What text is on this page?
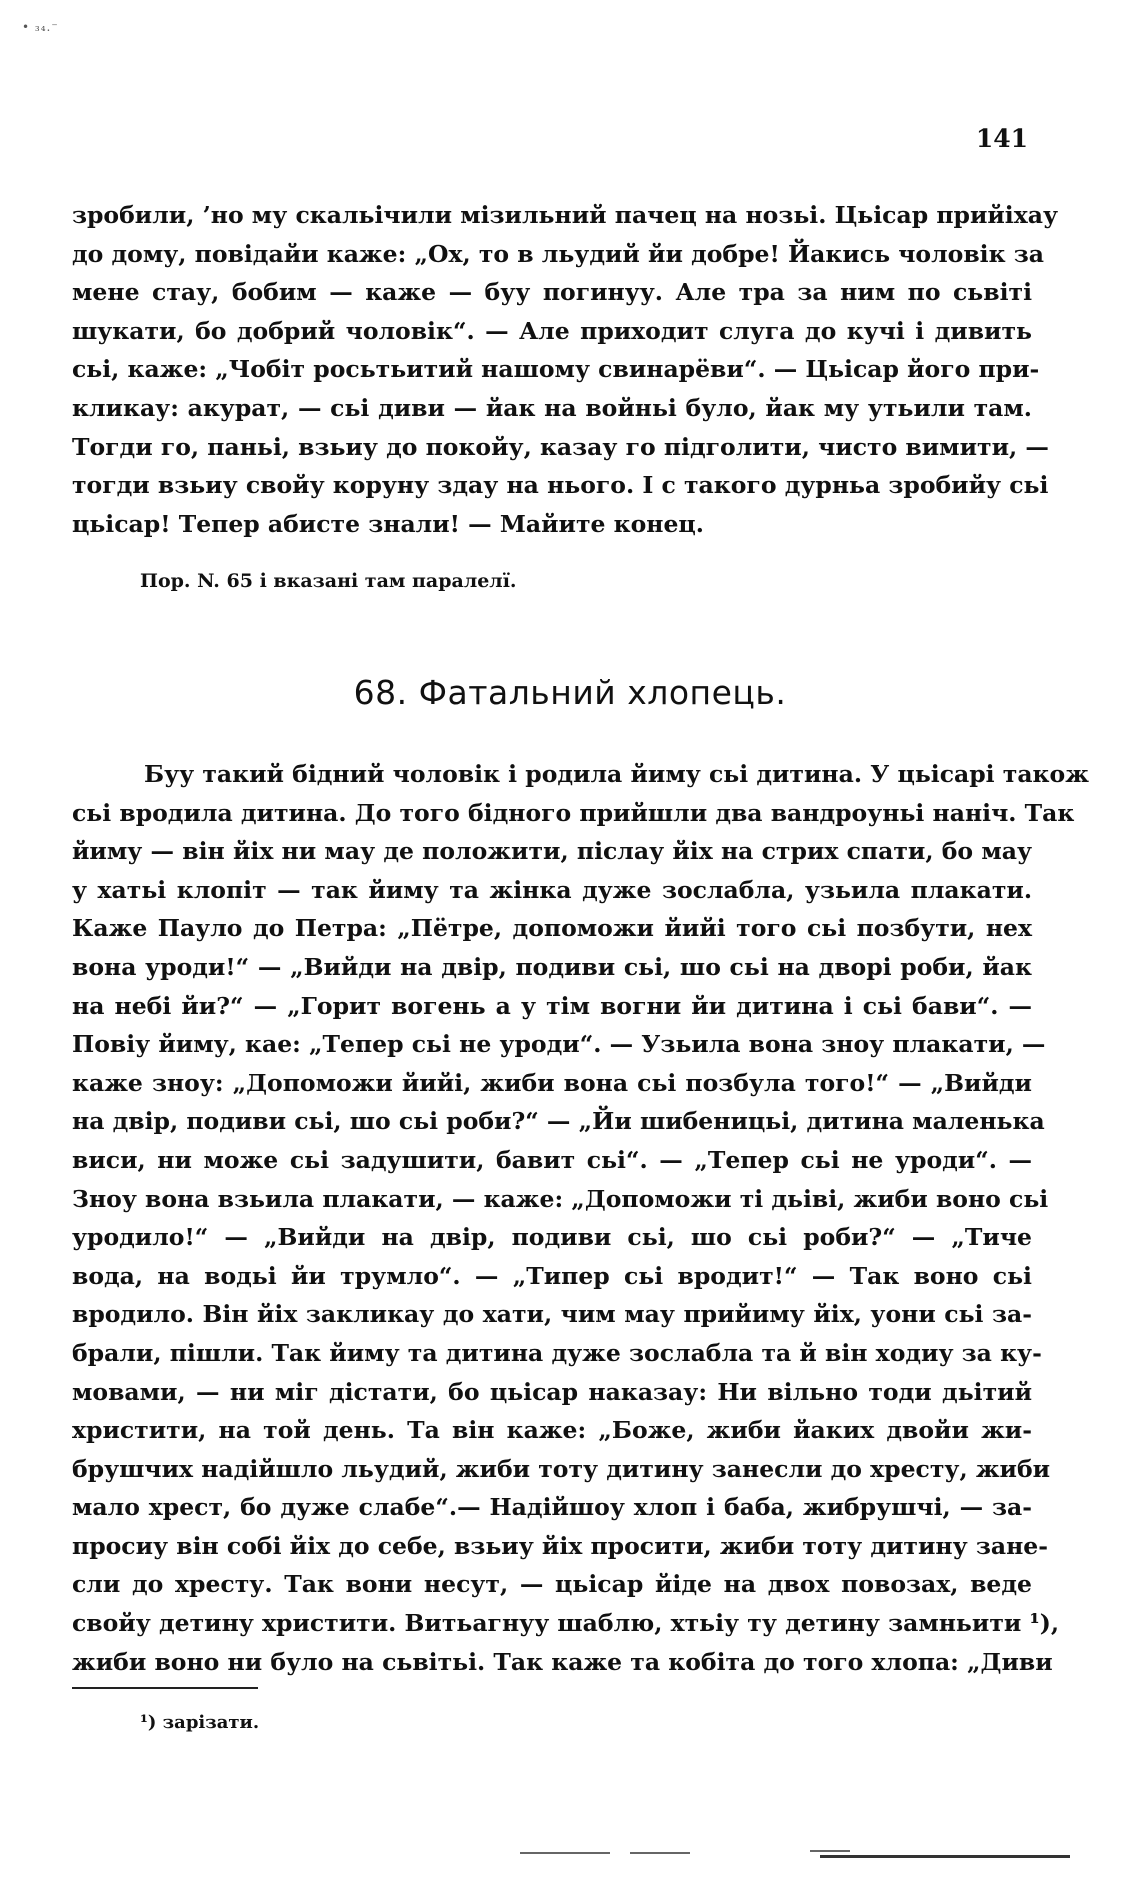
• ₃₄.⁻
141
зробили, ’но му скальічили мізильний пачец на нозьі. Цьісар прийіхау
до дому, повідайи каже: „Ох, то в льудий йи добре! Йакись чоловік за
мене стау, бобим — каже — буу погинуу. Але тра за ним по сьвіті
шукати, бо добрий чоловік“. — Але приходит слуга до кучі і дивить
сьі, каже: „Чобіт росьтьитий нашому свинарёви“. — Цьісар його при-
кликау: акурат, — сьі диви — йак на войньі було, йак му утьили там.
Тогди го, паньі, взьиу до покойу, казау го підголити, чисто вимити, —
тогди взьиу свойу коруну здау на нього. І с такого дурньа зробийу сьі
цьісар! Тепер абисте знали! — Майите конец.
Пор. N. 65 і вказані там паралелї.
68. Фатальний хлопець.
Буу такий бідний чоловік і родила йиму сьі дитина. У цьісарі також
сьі вродила дитина. До того бідного прийшли два вандроуньі нанiч. Так
йиму — він йіх ни мау де положити, післау йіх на стрих спати, бо мау
у хатьі клопіт — так йиму та жінка дуже зослабла, узьила плакати.
Каже Пауло до Петра: „Пётре, допоможи йийі того сьі позбути, нех
вона уроди!“ — „Вийди на двір, подиви сьі, шо сьі на дворі роби, йак
на небі йи?“ — „Горит вогень а у тім вогни йи дитина і сьі бави“. —
Повіу йиму, кае: „Тепер сьі не уроди“. — Узьила вона зноу плакати, —
каже зноу: „Допоможи йийі, жиби вона сьі позбула того!“ — „Вийди
на двір, подиви сьі, шо сьі роби?“ — „Йи шибеницьі, дитина маленька
виси, ни може сьі задушити, бавит сьі“. — „Тепер сьі не уроди“. —
Зноу вона взьила плакати, — каже: „Допоможи ті дьіві, жиби воно сьі
уродило!“ — „Вийди на двір, подиви сьі, шо сьі роби?“ — „Тиче
вода, на водьі йи трумло“. — „Типер сьі вродит!“ — Так воно сьі
вродило. Він йіх закликау до хати, чим мау прийиму йіх, уони сьі за-
брали, пішли. Так йиму та дитина дуже зослабла та й він ходиу за ку-
мовами, — ни міг дістати, бо цьісар наказау: Ни вільно тоди дьітий
христити, на той день. Та він каже: „Боже, жиби йаких двойи жи-
брушчих надійшло льудий, жиби тоту дитину занесли до хресту, жиби
мало хрест, бо дуже слабе“.— Надійшоу хлоп і баба, жибрушчі, — за-
просиу він собі йіх до себе, взьиу йіх просити, жиби тоту дитину зане-
сли до хресту. Так вони несут, — цьісар йіде на двох повозах, веде
свойу детину христити. Витьагнуу шаблю, хтьіу ту детину замньити ¹),
жиби воно ни було на сьвітьі. Так каже та кобіта до того хлопа: „Диви
¹) зарізати.
